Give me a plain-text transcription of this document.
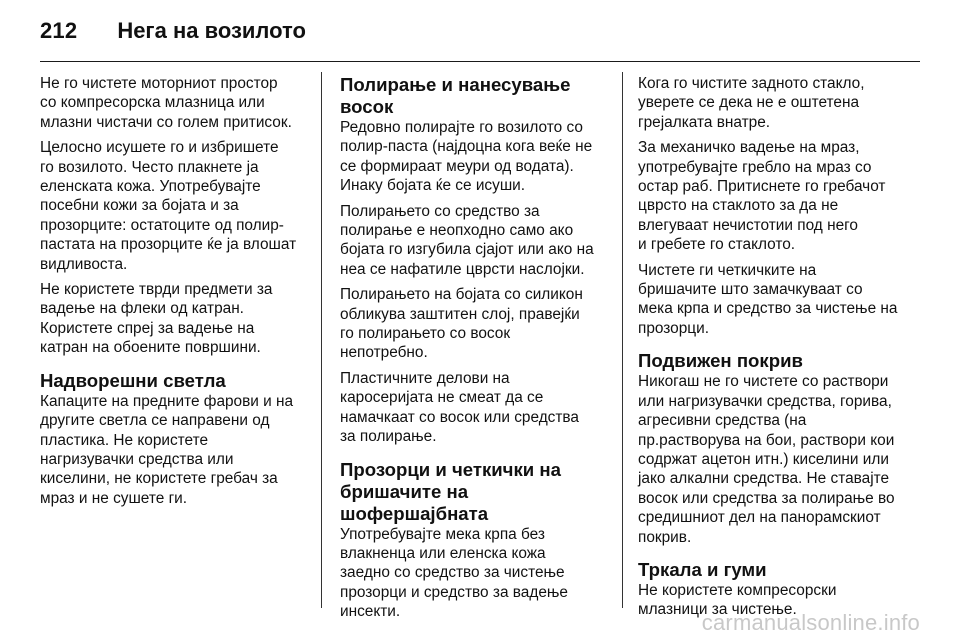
212 Нега на возилото
Не го чистете моторниот простор
со компресорска млазница или
млазни чистачи со голем притисок.
Целосно исушете го и избришете
го возилото. Често плакнете ја
еленската кожа. Употребувајте
посебни кожи за бојата и за
прозорците: остатоците од полир-
пастата на прозорците ќе ја влошат
видливоста.
Не користете тврди предмети за
вадење на флеки од катран.
Користете спреј за вадење на
катран на обоените површини.
Надворешни светла
Капаците на предните фарови и на
другите светла се направени од
пластика. Не користете
нагризувачки средства или
киселини, не користете гребач за
мраз и не сушете ги.
Полирање и нанесување
восок
Редовно полирајте го возилото со
полир-паста (најдоцна кога веќе не
се формираат меури од водата).
Инаку бојата ќе се исуши.
Полирањето со средство за
полирање е неопходно само ако
бојата го изгубила сјајот или ако на
неа се нафатиле цврсти наслојки.
Полирањето на бојата со силикон
обликува заштитен слој, правејќи
го полирањето со восок
непотребно.
Пластичните делови на
каросеријата не смеат да се
намачкаат со восок или средства
за полирање.
Прозорци и четкички на
бришачите на
шофершајбната
Употребувајте мека крпа без
влакненца или еленска кожа
заедно со средство за чистење
прозорци и средство за вадење
инсекти.
Кога го чистите задното стакло,
уверете се дека не е оштетена
грејалката внатре.
За механичко вадење на мраз,
употребувајте гребло на мраз со
остар раб. Притиснете го гребачот
цврсто на стаклото за да не
влегуваат нечистотии под него
и гребете го стаклото.
Чистете ги четкичките на
бришачите што замачкуваат со
мека крпа и средство за чистење на
прозорци.
Подвижен покрив
Никогаш не го чистете со раствори
или нагризувачки средства, горива,
агресивни средства (на
пр.растворува на бои, раствори кои
содржат ацетон итн.) киселини или
јако алкални средства. Не ставајте
восок или средства за полирање во
средишниот дел на панорамскиот
покрив.
Тркала и гуми
Не користете компресорски
млазници за чистење.
carmanualsonline.info
